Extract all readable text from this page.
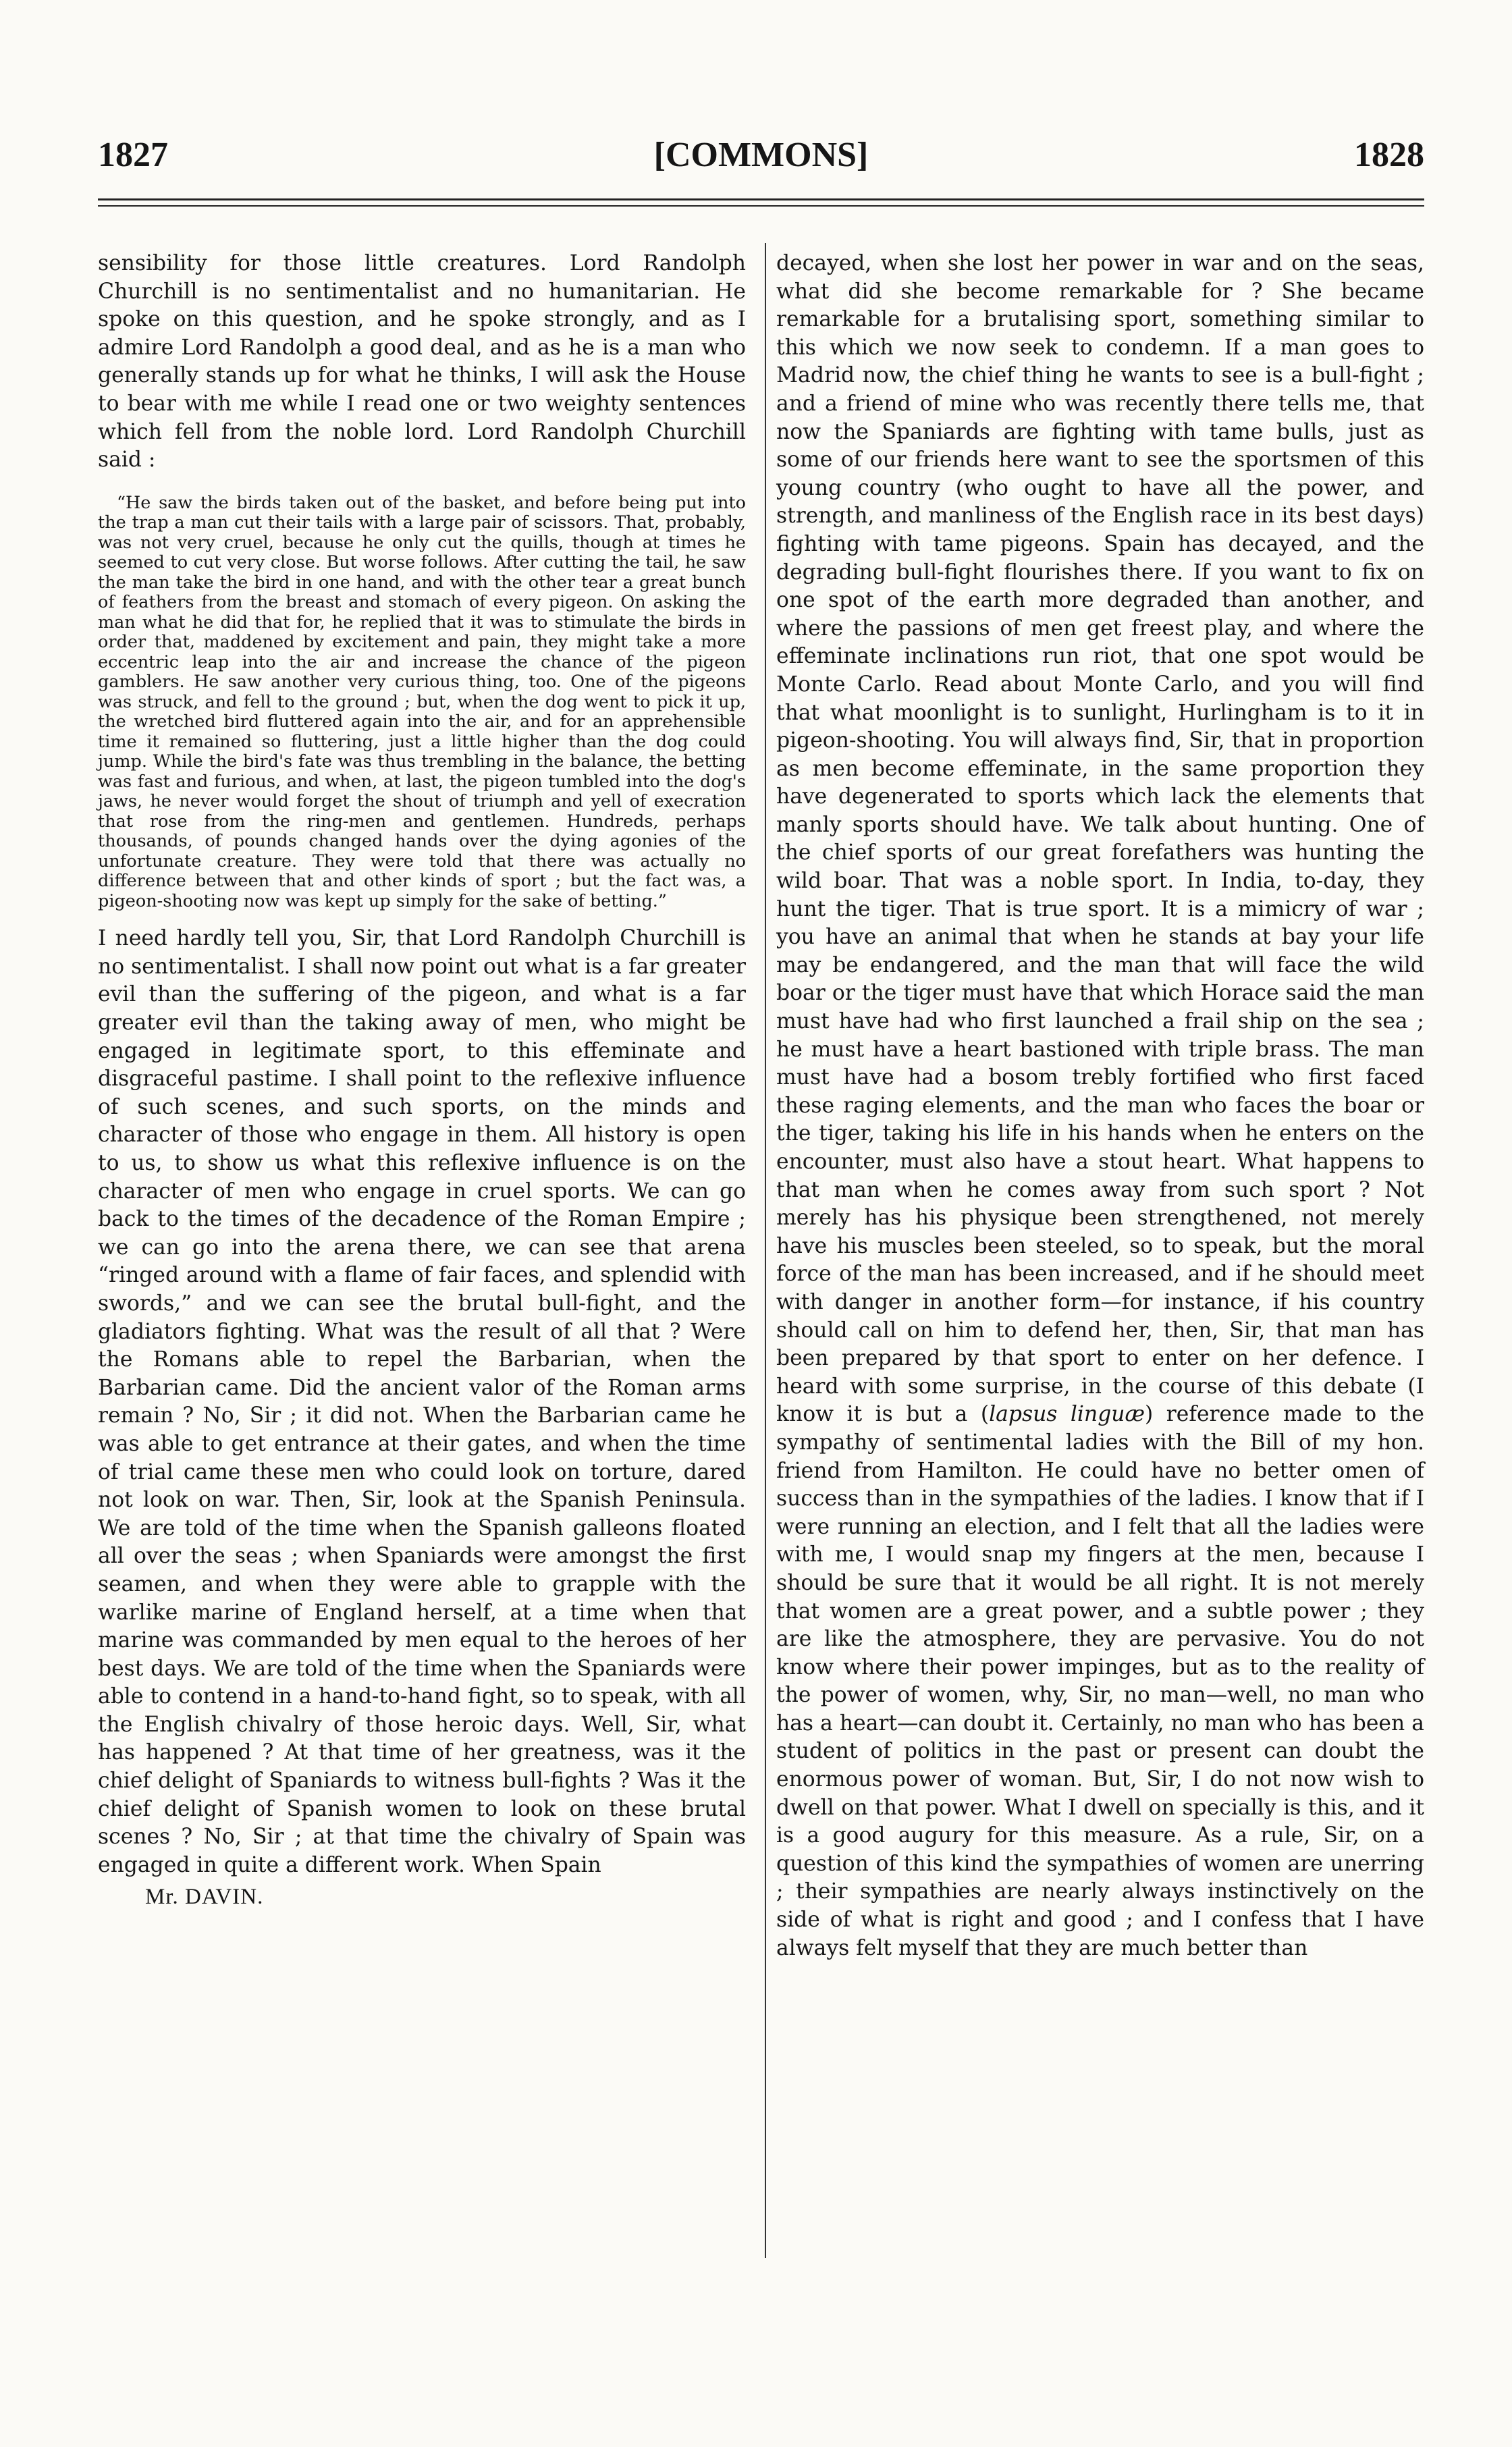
1827	[COMMONS]	1828

sensibility for those little creatures. Lord Randolph Churchill is no sentimentalist and no humanitarian. He spoke on this question, and he spoke strongly, and as I admire Lord Randolph a good deal, and as he is a man who generally stands up for what he thinks, I will ask the House to bear with me while I read one or two weighty sentences which fell from the noble lord. Lord Randolph Churchill said :

“He saw the birds taken out of the basket, and before being put into the trap a man cut their tails with a large pair of scissors. That, probably, was not very cruel, because he only cut the quills, though at times he seemed to cut very close. But worse follows. After cutting the tail, he saw the man take the bird in one hand, and with the other tear a great bunch of feathers from the breast and stomach of every pigeon. On asking the man what he did that for, he replied that it was to stimulate the birds in order that, maddened by excitement and pain, they might take a more eccentric leap into the air and increase the chance of the pigeon gamblers. He saw another very curious thing, too. One of the pigeons was struck, and fell to the ground ; but, when the dog went to pick it up, the wretched bird fluttered again into the air, and for an apprehensible time it remained so fluttering, just a little higher than the dog could jump. While the bird's fate was thus trembling in the balance, the betting was fast and furious, and when, at last, the pigeon tumbled into the dog's jaws, he never would forget the shout of triumph and yell of execration that rose from the ring-men and gentlemen. Hundreds, perhaps thousands, of pounds changed hands over the dying agonies of the unfortunate creature. They were told that there was actually no difference between that and other kinds of sport ; but the fact was, a pigeon-shooting now was kept up simply for the sake of betting.”

I need hardly tell you, Sir, that Lord Randolph Churchill is no sentimentalist. I shall now point out what is a far greater evil than the suffering of the pigeon, and what is a far greater evil than the taking away of men, who might be engaged in legitimate sport, to this effeminate and disgraceful pastime. I shall point to the reflexive influence of such scenes, and such sports, on the minds and character of those who engage in them. All history is open to us, to show us what this reflexive influence is on the character of men who engage in cruel sports. We can go back to the times of the decadence of the Roman Empire ; we can go into the arena there, we can see that arena “ringed around with a flame of fair faces, and splendid with swords,” and we can see the brutal bull-fight, and the gladiators fighting. What was the result of all that ? Were the Romans able to repel the Barbarian, when the Barbarian came. Did the ancient valor of the Roman arms remain ? No, Sir ; it did not. When the Barbarian came he was able to get entrance at their gates, and when the time of trial came these men who could look on torture, dared not look on war. Then, Sir, look at the Spanish Peninsula. We are told of the time when the Spanish galleons floated all over the seas ; when Spaniards were amongst the first seamen, and when they were able to grapple with the warlike marine of England herself, at a time when that marine was commanded by men equal to the heroes of her best days. We are told of the time when the Spaniards were able to contend in a hand-to-hand fight, so to speak, with all the English chivalry of those heroic days. Well, Sir, what has happened ? At that time of her greatness, was it the chief delight of Spaniards to witness bull-fights ? Was it the chief delight of Spanish women to look on these brutal scenes ? No, Sir ; at that time the chivalry of Spain was engaged in quite a different work. When Spain

Mr. DAVIN.

decayed, when she lost her power in war and on the seas, what did she become remarkable for ? She became remarkable for a brutalising sport, something similar to this which we now seek to condemn. If a man goes to Madrid now, the chief thing he wants to see is a bull-fight ; and a friend of mine who was recently there tells me, that now the Spaniards are fighting with tame bulls, just as some of our friends here want to see the sportsmen of this young country (who ought to have all the power, and strength, and manliness of the English race in its best days) fighting with tame pigeons. Spain has decayed, and the degrading bull-fight flourishes there. If you want to fix on one spot of the earth more degraded than another, and where the passions of men get freest play, and where the effeminate inclinations run riot, that one spot would be Monte Carlo. Read about Monte Carlo, and you will find that what moonlight is to sunlight, Hurlingham is to it in pigeon-shooting. You will always find, Sir, that in proportion as men become effeminate, in the same proportion they have degenerated to sports which lack the elements that manly sports should have. We talk about hunting. One of the chief sports of our great forefathers was hunting the wild boar. That was a noble sport. In India, to-day, they hunt the tiger. That is true sport. It is a mimicry of war ; you have an animal that when he stands at bay your life may be endangered, and the man that will face the wild boar or the tiger must have that which Horace said the man must have had who first launched a frail ship on the sea ; he must have a heart bastioned with triple brass. The man must have had a bosom trebly fortified who first faced these raging elements, and the man who faces the boar or the tiger, taking his life in his hands when he enters on the encounter, must also have a stout heart. What happens to that man when he comes away from such sport ? Not merely has his physique been strengthened, not merely have his muscles been steeled, so to speak, but the moral force of the man has been increased, and if he should meet with danger in another form—for instance, if his country should call on him to defend her, then, Sir, that man has been prepared by that sport to enter on her defence. I heard with some surprise, in the course of this debate (I know it is but a (lapsus linguæ) reference made to the sympathy of sentimental ladies with the Bill of my hon. friend from Hamilton. He could have no better omen of success than in the sympathies of the ladies. I know that if I were running an election, and I felt that all the ladies were with me, I would snap my fingers at the men, because I should be sure that it would be all right. It is not merely that women are a great power, and a subtle power ; they are like the atmosphere, they are pervasive. You do not know where their power impinges, but as to the reality of the power of women, why, Sir, no man—well, no man who has a heart—can doubt it. Certainly, no man who has been a student of politics in the past or present can doubt the enormous power of woman. But, Sir, I do not now wish to dwell on that power. What I dwell on specially is this, and it is a good augury for this measure. As a rule, Sir, on a question of this kind the sympathies of women are unerring ; their sympathies are nearly always instinctively on the side of what is right and good ; and I confess that I have always felt myself that they are much better than
